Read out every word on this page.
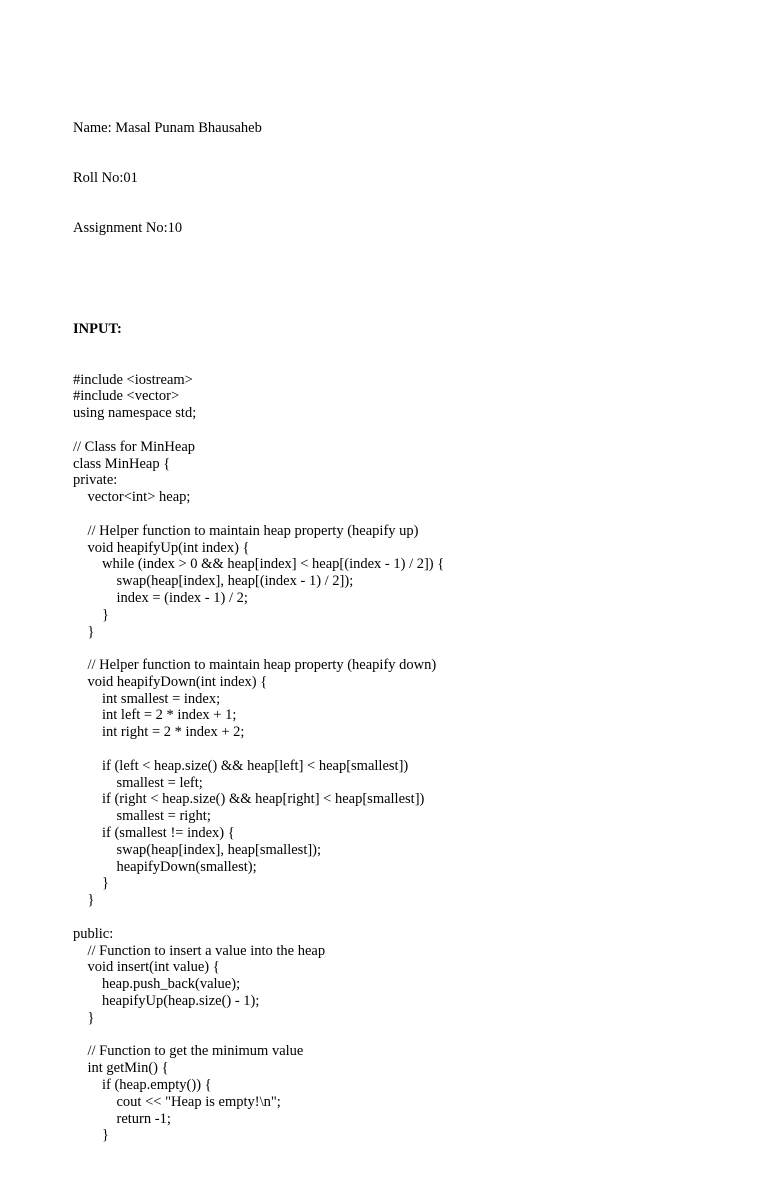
Name: Masal Punam Bhausaheb

Roll No:01

Assignment No:10

INPUT:

#include <iostream>
#include <vector>
using namespace std;
// Class for MinHeap
class MinHeap {
private:
vector<int> heap;
// Helper function to maintain heap property (heapify up)
void heapifyUp(int index) {
while (index > 0 && heap[index] < heap[(index - 1) / 2]) {
swap(heap[index], heap[(index - 1) / 2]);
index = (index - 1) / 2;
}
}
// Helper function to maintain heap property (heapify down)
void heapifyDown(int index) {
int smallest = index;
int left = 2 * index + 1;
int right = 2 * index + 2;
if (left < heap.size() && heap[left] < heap[smallest])
smallest = left;
if (right < heap.size() && heap[right] < heap[smallest])
smallest = right;
if (smallest != index) {
swap(heap[index], heap[smallest]);
heapifyDown(smallest);
}
}
public:
// Function to insert a value into the heap
void insert(int value) {
heap.push_back(value);
heapifyUp(heap.size() - 1);
}
// Function to get the minimum value
int getMin() {
if (heap.empty()) {
cout << "Heap is empty!\n";
return -1;
}
